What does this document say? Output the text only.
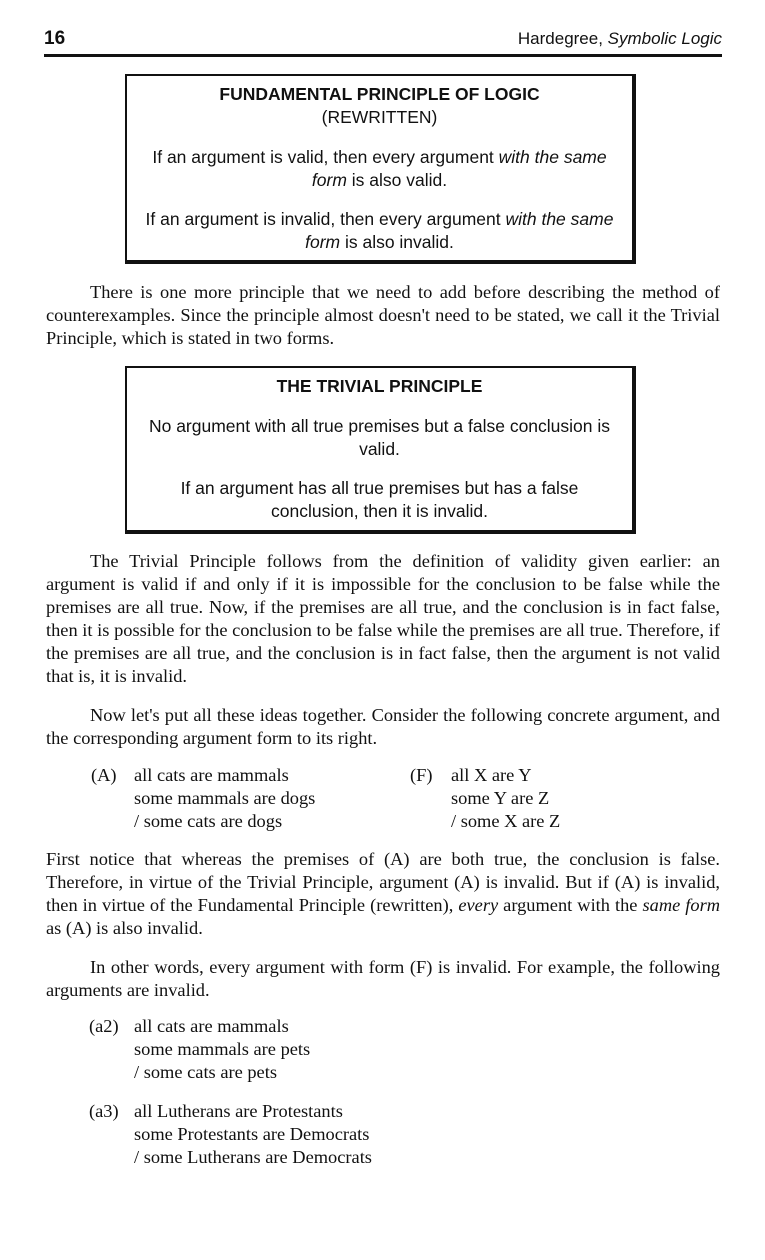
16	Hardegree, Symbolic Logic

FUNDAMENTAL PRINCIPLE OF LOGIC

(REWRITTEN)

If an argument is valid, then every argument with the same form is also valid.

If an argument is invalid, then every argument with the same form is also invalid.

There is one more principle that we need to add before describing the method of counterexamples. Since the principle almost doesn't need to be stated, we call it the Trivial Principle, which is stated in two forms.

THE TRIVIAL PRINCIPLE

No argument with all true premises but a false conclusion is valid.

If an argument has all true premises but has a false conclusion, then it is invalid.

The Trivial Principle follows from the definition of validity given earlier: an argument is valid if and only if it is impossible for the conclusion to be false while the premises are all true. Now, if the premises are all true, and the conclusion is in fact false, then it is possible for the conclusion to be false while the premises are all true. Therefore, if the premises are all true, and the conclusion is in fact false, then the argument is not valid that is, it is invalid.

Now let's put all these ideas together. Consider the following concrete argument, and the corresponding argument form to its right.

(A) all cats are mammals
some mammals are dogs
/ some cats are dogs
(F) all X are Y
some Y are Z
/ some X are Z

First notice that whereas the premises of (A) are both true, the conclusion is false. Therefore, in virtue of the Trivial Principle, argument (A) is invalid. But if (A) is invalid, then in virtue of the Fundamental Principle (rewritten), every argument with the same form as (A) is also invalid.

In other words, every argument with form (F) is invalid. For example, the following arguments are invalid.

(a2) all cats are mammals
some mammals are pets
/ some cats are pets
(a3) all Lutherans are Protestants
some Protestants are Democrats
/ some Lutherans are Democrats
